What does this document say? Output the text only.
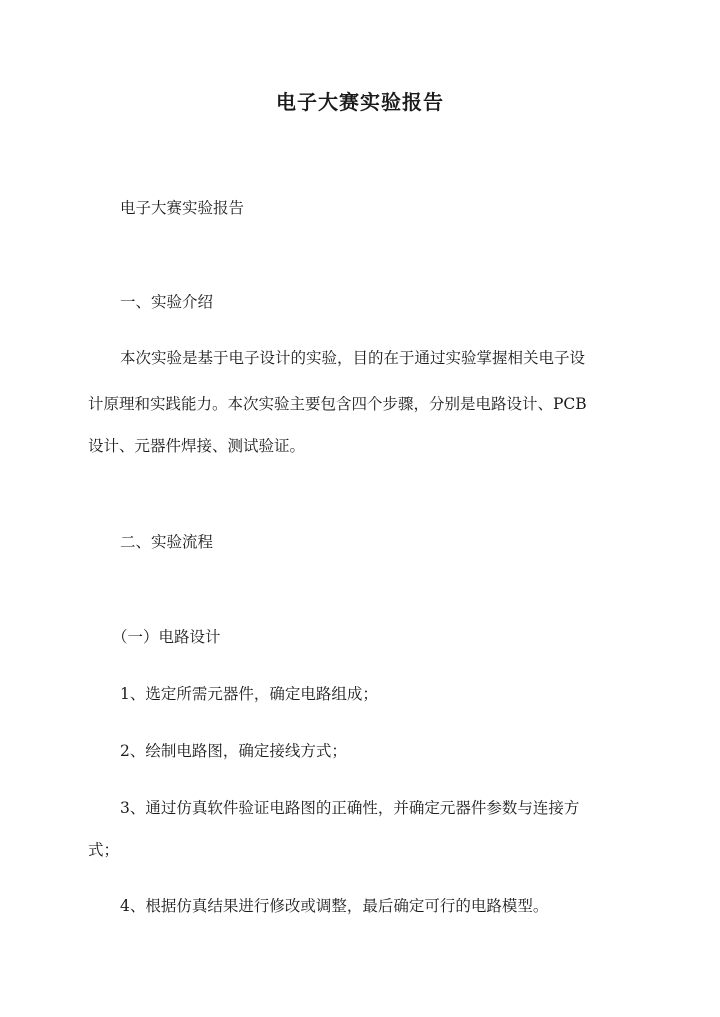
电子大赛实验报告

电子大赛实验报告

一、实验介绍

本次实验是基于电子设计的实验，目的在于通过实验掌握相关电子设

计原理和实践能力。本次实验主要包含四个步骤，分别是电路设计、PCB

设计、元器件焊接、测试验证。

二、实验流程

（一）电路设计

1、选定所需元器件，确定电路组成；

2、绘制电路图，确定接线方式；

3、通过仿真软件验证电路图的正确性，并确定元器件参数与连接方

式；

4、根据仿真结果进行修改或调整，最后确定可行的电路模型。
